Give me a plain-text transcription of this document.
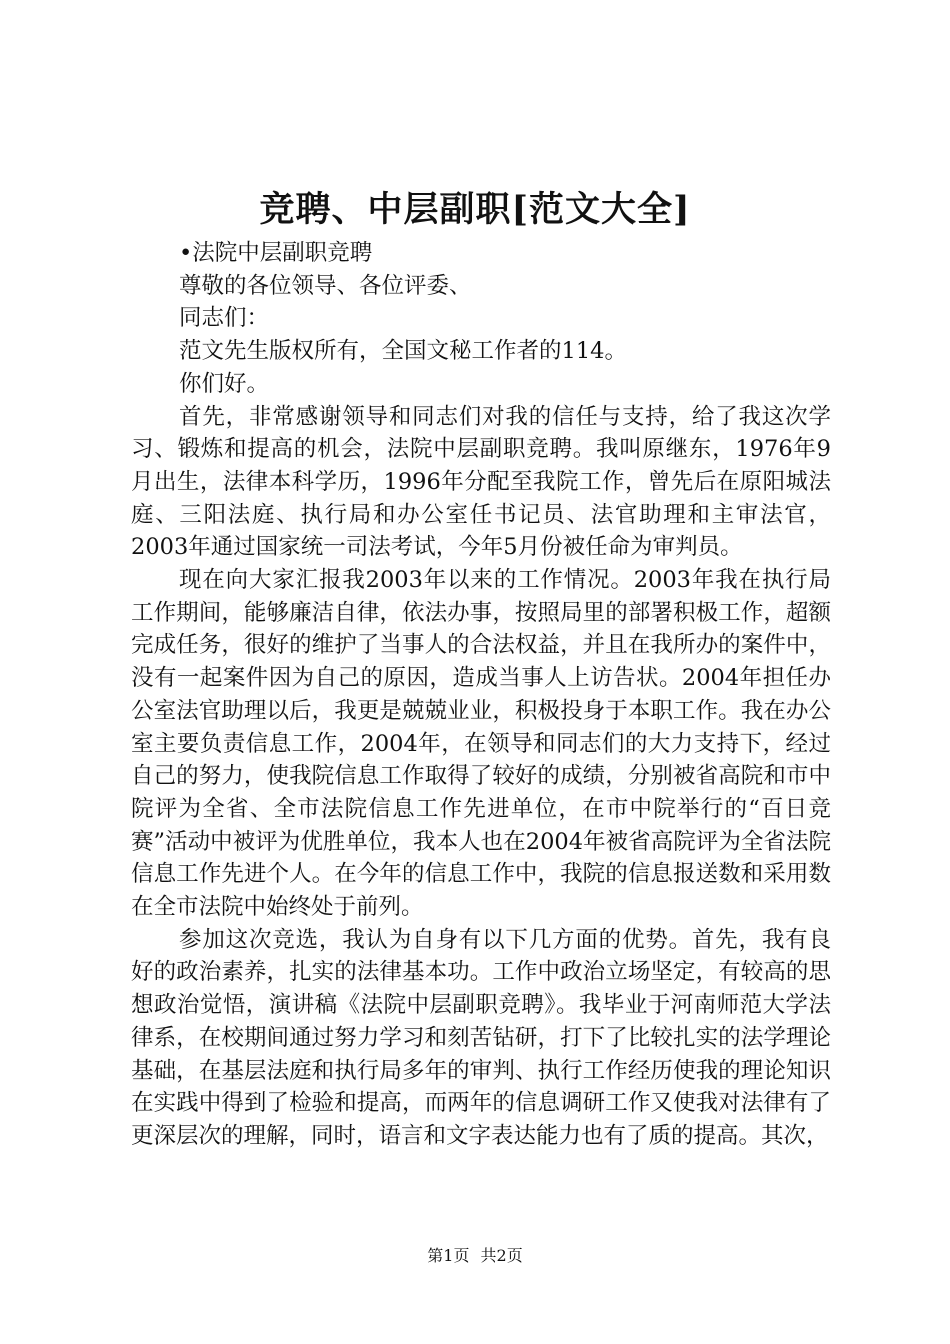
竞聘、中层副职[范文大全]

•法院中层副职竞聘

尊敬的各位领导、各位评委、

同志们：

范文先生版权所有，全国文秘工作者的114。

你们好。

首先，非常感谢领导和同志们对我的信任与支持，给了我这次学习、锻炼和提高的机会，法院中层副职竞聘。我叫原继东，1976年9月出生，法律本科学历，1996年分配至我院工作，曾先后在原阳城法庭、三阳法庭、执行局和办公室任书记员、法官助理和主审法官，2003年通过国家统一司法考试，今年5月份被任命为审判员。

现在向大家汇报我2003年以来的工作情况。2003年我在执行局工作期间，能够廉洁自律，依法办事，按照局里的部署积极工作，超额完成任务，很好的维护了当事人的合法权益，并且在我所办的案件中，没有一起案件因为自己的原因，造成当事人上访告状。2004年担任办公室法官助理以后，我更是兢兢业业，积极投身于本职工作。我在办公室主要负责信息工作，2004年，在领导和同志们的大力支持下，经过自己的努力，使我院信息工作取得了较好的成绩，分别被省高院和市中院评为全省、全市法院信息工作先进单位，在市中院举行的“百日竞赛”活动中被评为优胜单位，我本人也在2004年被省高院评为全省法院信息工作先进个人。在今年的信息工作中，我院的信息报送数和采用数在全市法院中始终处于前列。

参加这次竞选，我认为自身有以下几方面的优势。首先，我有良好的政治素养，扎实的法律基本功。工作中政治立场坚定，有较高的思想政治觉悟，演讲稿《法院中层副职竞聘》。我毕业于河南师范大学法律系，在校期间通过努力学习和刻苦钻研，打下了比较扎实的法学理论基础，在基层法庭和执行局多年的审判、执行工作经历使我的理论知识在实践中得到了检验和提高，而两年的信息调研工作又使我对法律有了更深层次的理解，同时，语言和文字表达能力也有了质的提高。其次，

第1页 共2页
